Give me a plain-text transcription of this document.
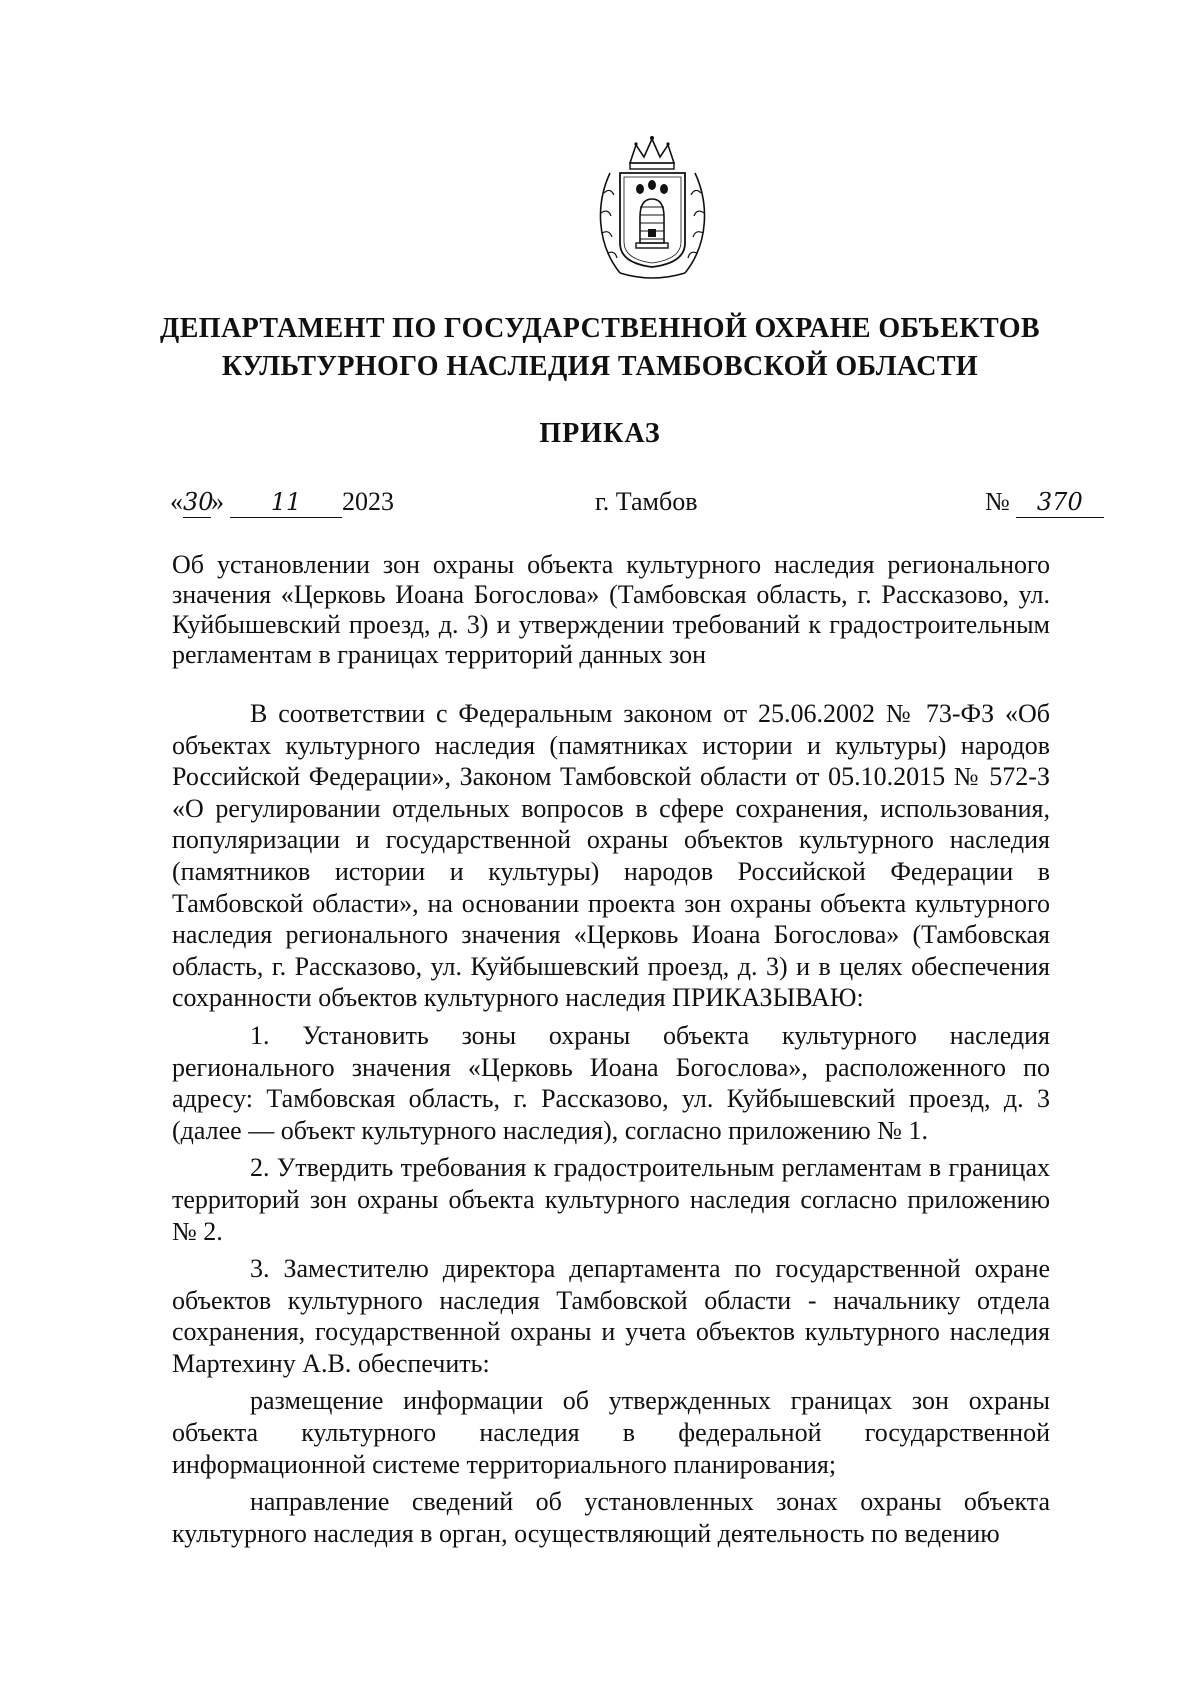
ДЕПАРТАМЕНТ ПО ГОСУДАРСТВЕННОЙ ОХРАНЕ ОБЪЕКТОВ
КУЛЬТУРНОГО НАСЛЕДИЯ ТАМБОВСКОЙ ОБЛАСТИ
ПРИКАЗ
«30» 11 2023	г. Тамбов	№ 370
Об установлении зон охраны объекта культурного наследия регионального значения «Церковь Иоана Богослова» (Тамбовская область, г. Рассказово, ул. Куйбышевский проезд, д. 3) и утверждении требований к градостроительным регламентам в границах территорий данных зон

В соответствии с Федеральным законом от 25.06.2002 № 73-ФЗ «Об объектах культурного наследия (памятниках истории и культуры) народов Российской Федерации», Законом Тамбовской области от 05.10.2015 № 572-З «О регулировании отдельных вопросов в сфере сохранения, использования, популяризации и государственной охраны объектов культурного наследия (памятников истории и культуры) народов Российской Федерации в Тамбовской области», на основании проекта зон охраны объекта культурного наследия регионального значения «Церковь Иоана Богослова» (Тамбовская область, г. Рассказово, ул. Куйбышевский проезд, д. 3) и в целях обеспечения сохранности объектов культурного наследия ПРИКАЗЫВАЮ:

1. Установить зоны охраны объекта культурного наследия регионального значения «Церковь Иоана Богослова», расположенного по адресу: Тамбовская область, г. Рассказово, ул. Куйбышевский проезд, д. 3 (далее — объект культурного наследия), согласно приложению № 1.

2. Утвердить требования к градостроительным регламентам в границах территорий зон охраны объекта культурного наследия согласно приложению № 2.

3. Заместителю директора департамента по государственной охране объектов культурного наследия Тамбовской области - начальнику отдела сохранения, государственной охраны и учета объектов культурного наследия Мартехину А.В. обеспечить:

размещение информации об утвержденных границах зон охраны объекта культурного наследия в федеральной государственной информационной системе территориального планирования;

направление сведений об установленных зонах охраны объекта культурного наследия в орган, осуществляющий деятельность по ведению
